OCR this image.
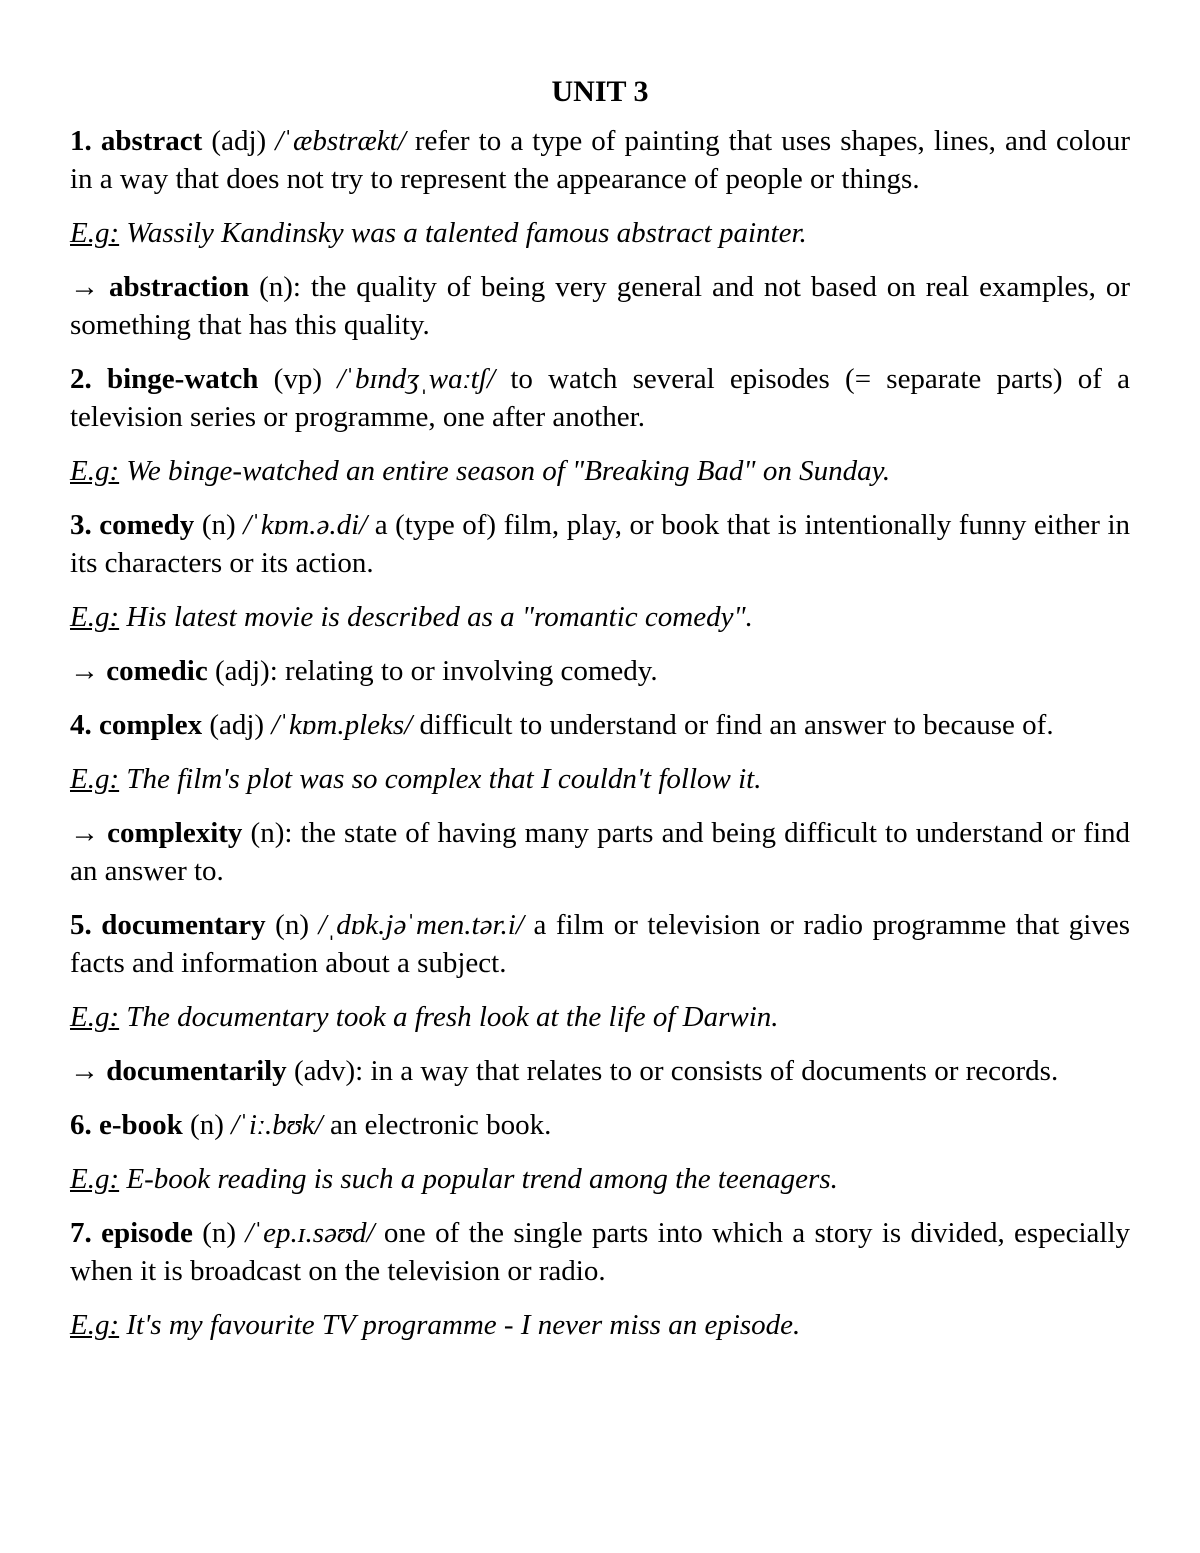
UNIT 3
1. abstract (adj) /ˈæbstrækt/ refer to a type of painting that uses shapes, lines, and colour in a way that does not try to represent the appearance of people or things.
E.g: Wassily Kandinsky was a talented famous abstract painter.
→ abstraction (n): the quality of being very general and not based on real examples, or something that has this quality.
2. binge-watch (vp) /ˈbɪndʒˌwɑːtʃ/ to watch several episodes (= separate parts) of a television series or programme, one after another.
E.g: We binge-watched an entire season of "Breaking Bad" on Sunday.
3. comedy (n) /ˈkɒm.ə.di/ a (type of) film, play, or book that is intentionally funny either in its characters or its action.
E.g: His latest movie is described as a "romantic comedy".
→ comedic (adj): relating to or involving comedy.
4. complex (adj) /ˈkɒm.pleks/ difficult to understand or find an answer to because of.
E.g: The film's plot was so complex that I couldn't follow it.
→ complexity (n): the state of having many parts and being difficult to understand or find an answer to.
5. documentary (n) /ˌdɒk.jəˈmen.tər.i/ a film or television or radio programme that gives facts and information about a subject.
E.g: The documentary took a fresh look at the life of Darwin.
→ documentarily (adv): in a way that relates to or consists of documents or records.
6. e-book (n) /ˈiː.bʊk/ an electronic book.
E.g: E-book reading is such a popular trend among the teenagers.
7. episode (n) /ˈep.ɪ.səʊd/ one of the single parts into which a story is divided, especially when it is broadcast on the television or radio.
E.g: It's my favourite TV programme - I never miss an episode.
